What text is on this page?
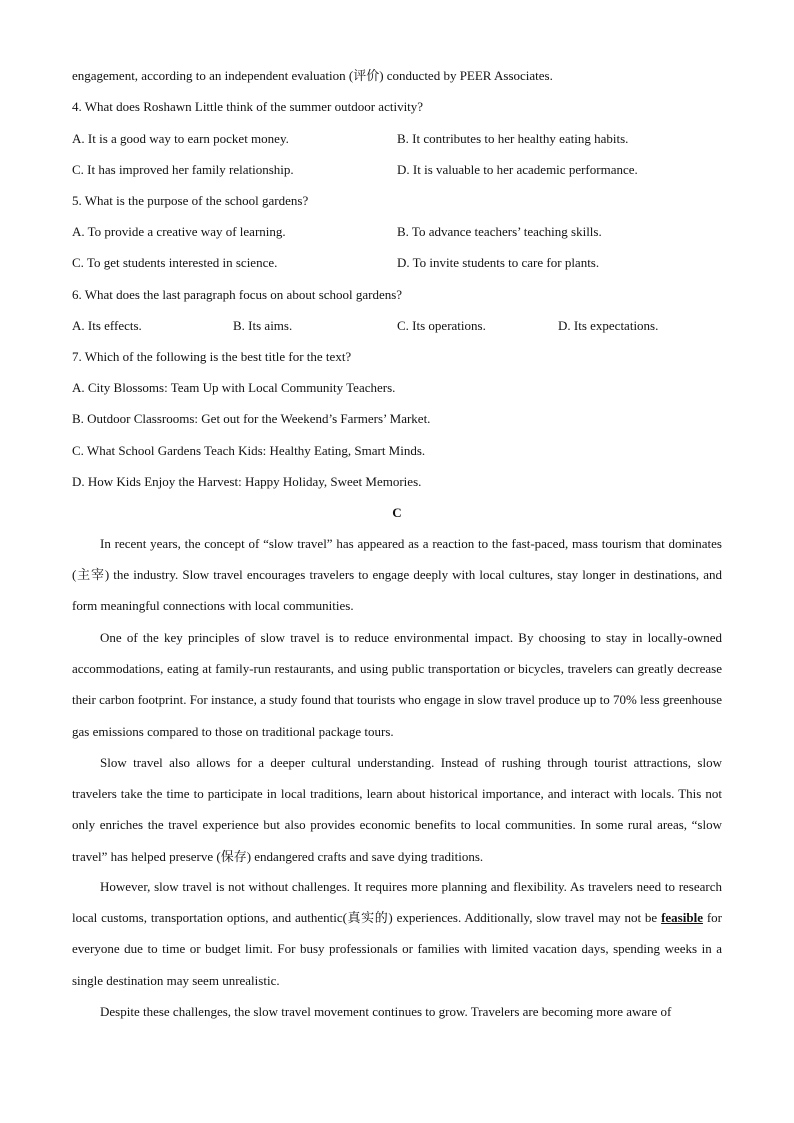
engagement, according to an independent evaluation (评价) conducted by PEER Associates.
4. What does Roshawn Little think of the summer outdoor activity?
A. It is a good way to earn pocket money.	B. It contributes to her healthy eating habits.
C. It has improved her family relationship.	D. It is valuable to her academic performance.
5. What is the purpose of the school gardens?
A. To provide a creative way of learning.	B. To advance teachers’ teaching skills.
C. To get students interested in science.	D. To invite students to care for plants.
6. What does the last paragraph focus on about school gardens?
A. Its effects.	B. Its aims.	C. Its operations.	D. Its expectations.
7. Which of the following is the best title for the text?
A. City Blossoms: Team Up with Local Community Teachers.
B. Outdoor Classrooms: Get out for the Weekend’s Farmers’ Market.
C. What School Gardens Teach Kids: Healthy Eating, Smart Minds.
D. How Kids Enjoy the Harvest: Happy Holiday, Sweet Memories.
C

In recent years, the concept of “slow travel” has appeared as a reaction to the fast-paced, mass tourism that dominates (主宰) the industry. Slow travel encourages travelers to engage deeply with local cultures, stay longer in destinations, and form meaningful connections with local communities.

One of the key principles of slow travel is to reduce environmental impact. By choosing to stay in locally-owned accommodations, eating at family-run restaurants, and using public transportation or bicycles, travelers can greatly decrease their carbon footprint. For instance, a study found that tourists who engage in slow travel produce up to 70% less greenhouse gas emissions compared to those on traditional package tours.

Slow travel also allows for a deeper cultural understanding. Instead of rushing through tourist attractions, slow travelers take the time to participate in local traditions, learn about historical importance, and interact with locals. This not only enriches the travel experience but also provides economic benefits to local communities. In some rural areas, “slow travel” has helped preserve (保存) endangered crafts and save dying traditions.

However, slow travel is not without challenges. It requires more planning and flexibility. As travelers need to research local customs, transportation options, and authentic(真实的) experiences. Additionally, slow travel may not be feasible for everyone due to time or budget limit. For busy professionals or families with limited vacation days, spending weeks in a single destination may seem unrealistic.

Despite these challenges, the slow travel movement continues to grow. Travelers are becoming more aware of
